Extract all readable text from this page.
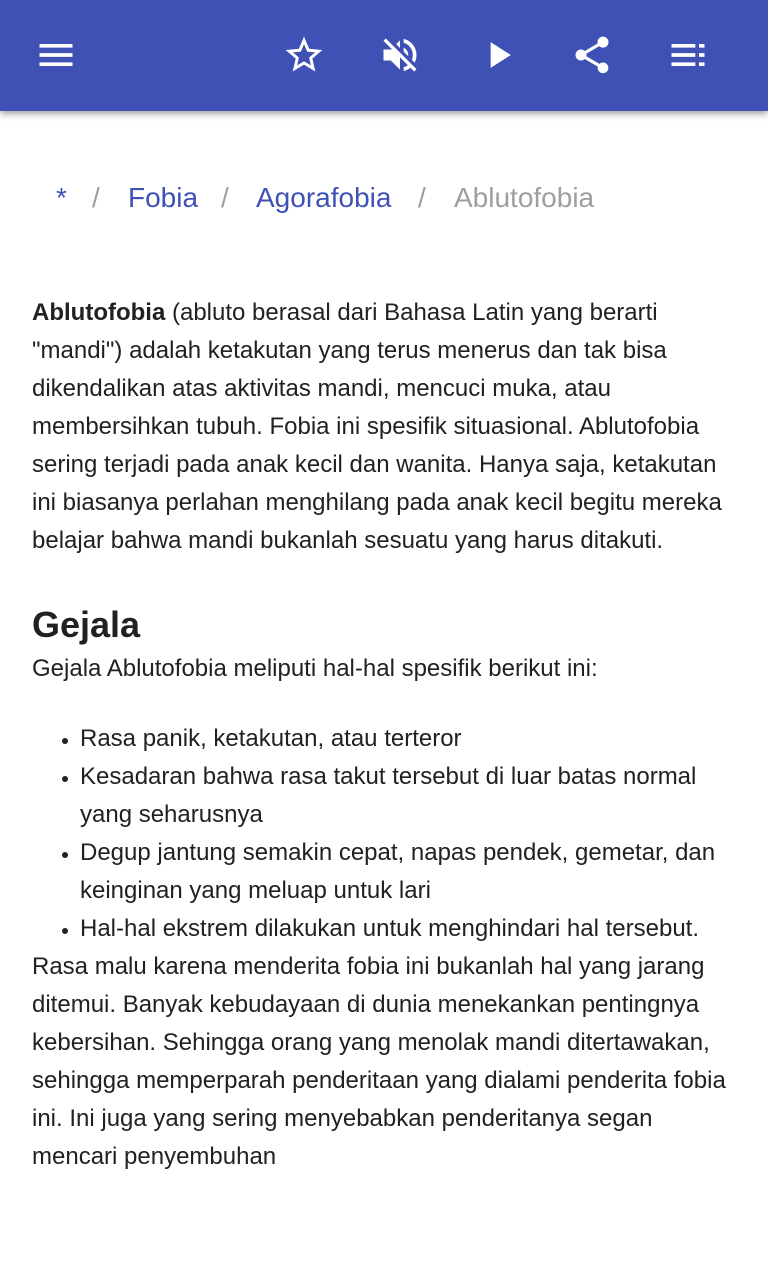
* / Fobia / Agorafobia / Ablutofobia

Ablutofobia (abluto berasal dari Bahasa Latin yang berarti "mandi") adalah ketakutan yang terus menerus dan tak bisa dikendalikan atas aktivitas mandi, mencuci muka, atau membersihkan tubuh. Fobia ini spesifik situasional. Ablutofobia sering terjadi pada anak kecil dan wanita. Hanya saja, ketakutan ini biasanya perlahan menghilang pada anak kecil begitu mereka belajar bahwa mandi bukanlah sesuatu yang harus ditakuti.

Gejala

Gejala Ablutofobia meliputi hal-hal spesifik berikut ini:

• Rasa panik, ketakutan, atau terteror
• Kesadaran bahwa rasa takut tersebut di luar batas normal yang seharusnya
• Degup jantung semakin cepat, napas pendek, gemetar, dan keinginan yang meluap untuk lari
• Hal-hal ekstrem dilakukan untuk menghindari hal tersebut.

Rasa malu karena menderita fobia ini bukanlah hal yang jarang ditemui. Banyak kebudayaan di dunia menekankan pentingnya kebersihan. Sehingga orang yang menolak mandi ditertawakan, sehingga memperparah penderitaan yang dialami penderita fobia ini. Ini juga yang sering menyebabkan penderitanya segan mencari penyembuhan
